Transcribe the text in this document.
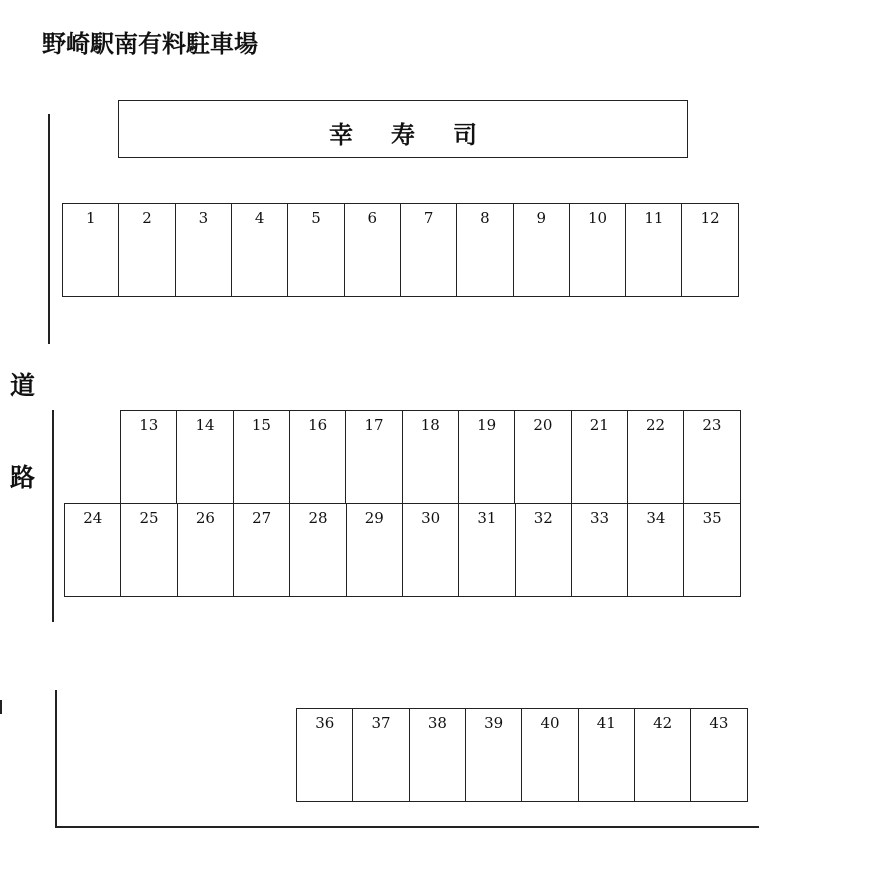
野崎駅南有料駐車場
幸寿司
道
路
1	2	3	4	5	6	7	8	9	10	11	12
13	14	15	16	17	18	19	20	21	22	23
24	25	26	27	28	29	30	31	32	33	34	35
36	37	38	39	40	41	42	43
